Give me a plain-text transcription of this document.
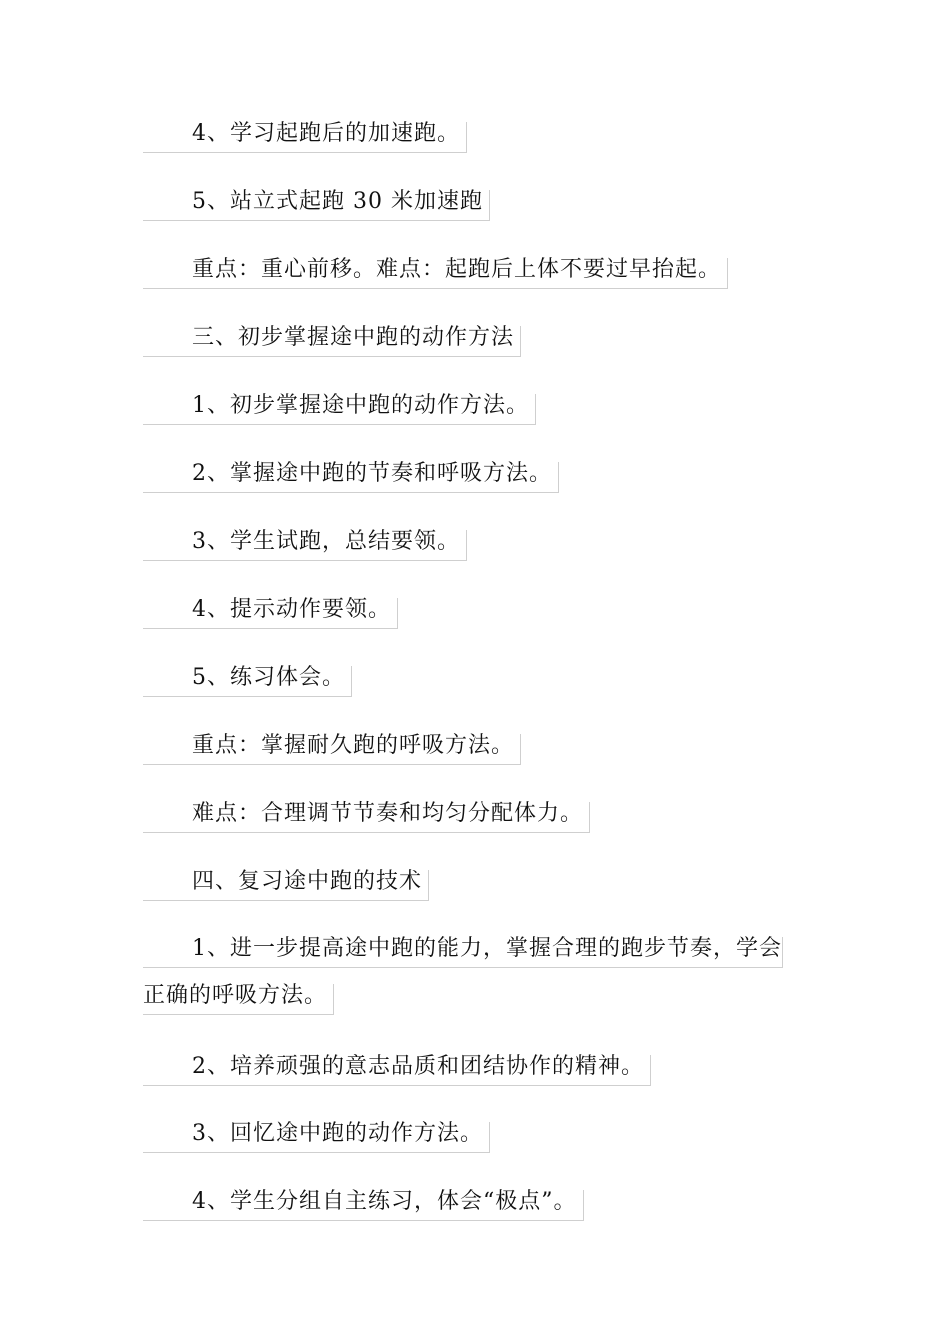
4、学习起跑后的加速跑。
5、站立式起跑 30 米加速跑
重点：重心前移。难点：起跑后上体不要过早抬起。
三、初步掌握途中跑的动作方法
1、初步掌握途中跑的动作方法。
2、掌握途中跑的节奏和呼吸方法。
3、学生试跑，总结要领。
4、提示动作要领。
5、练习体会。
重点：掌握耐久跑的呼吸方法。
难点：合理调节节奏和均匀分配体力。
四、复习途中跑的技术
1、进一步提高途中跑的能力，掌握合理的跑步节奏，学会
正确的呼吸方法。
2、培养顽强的意志品质和团结协作的精神。
3、回忆途中跑的动作方法。
4、学生分组自主练习，体会“极点”。
